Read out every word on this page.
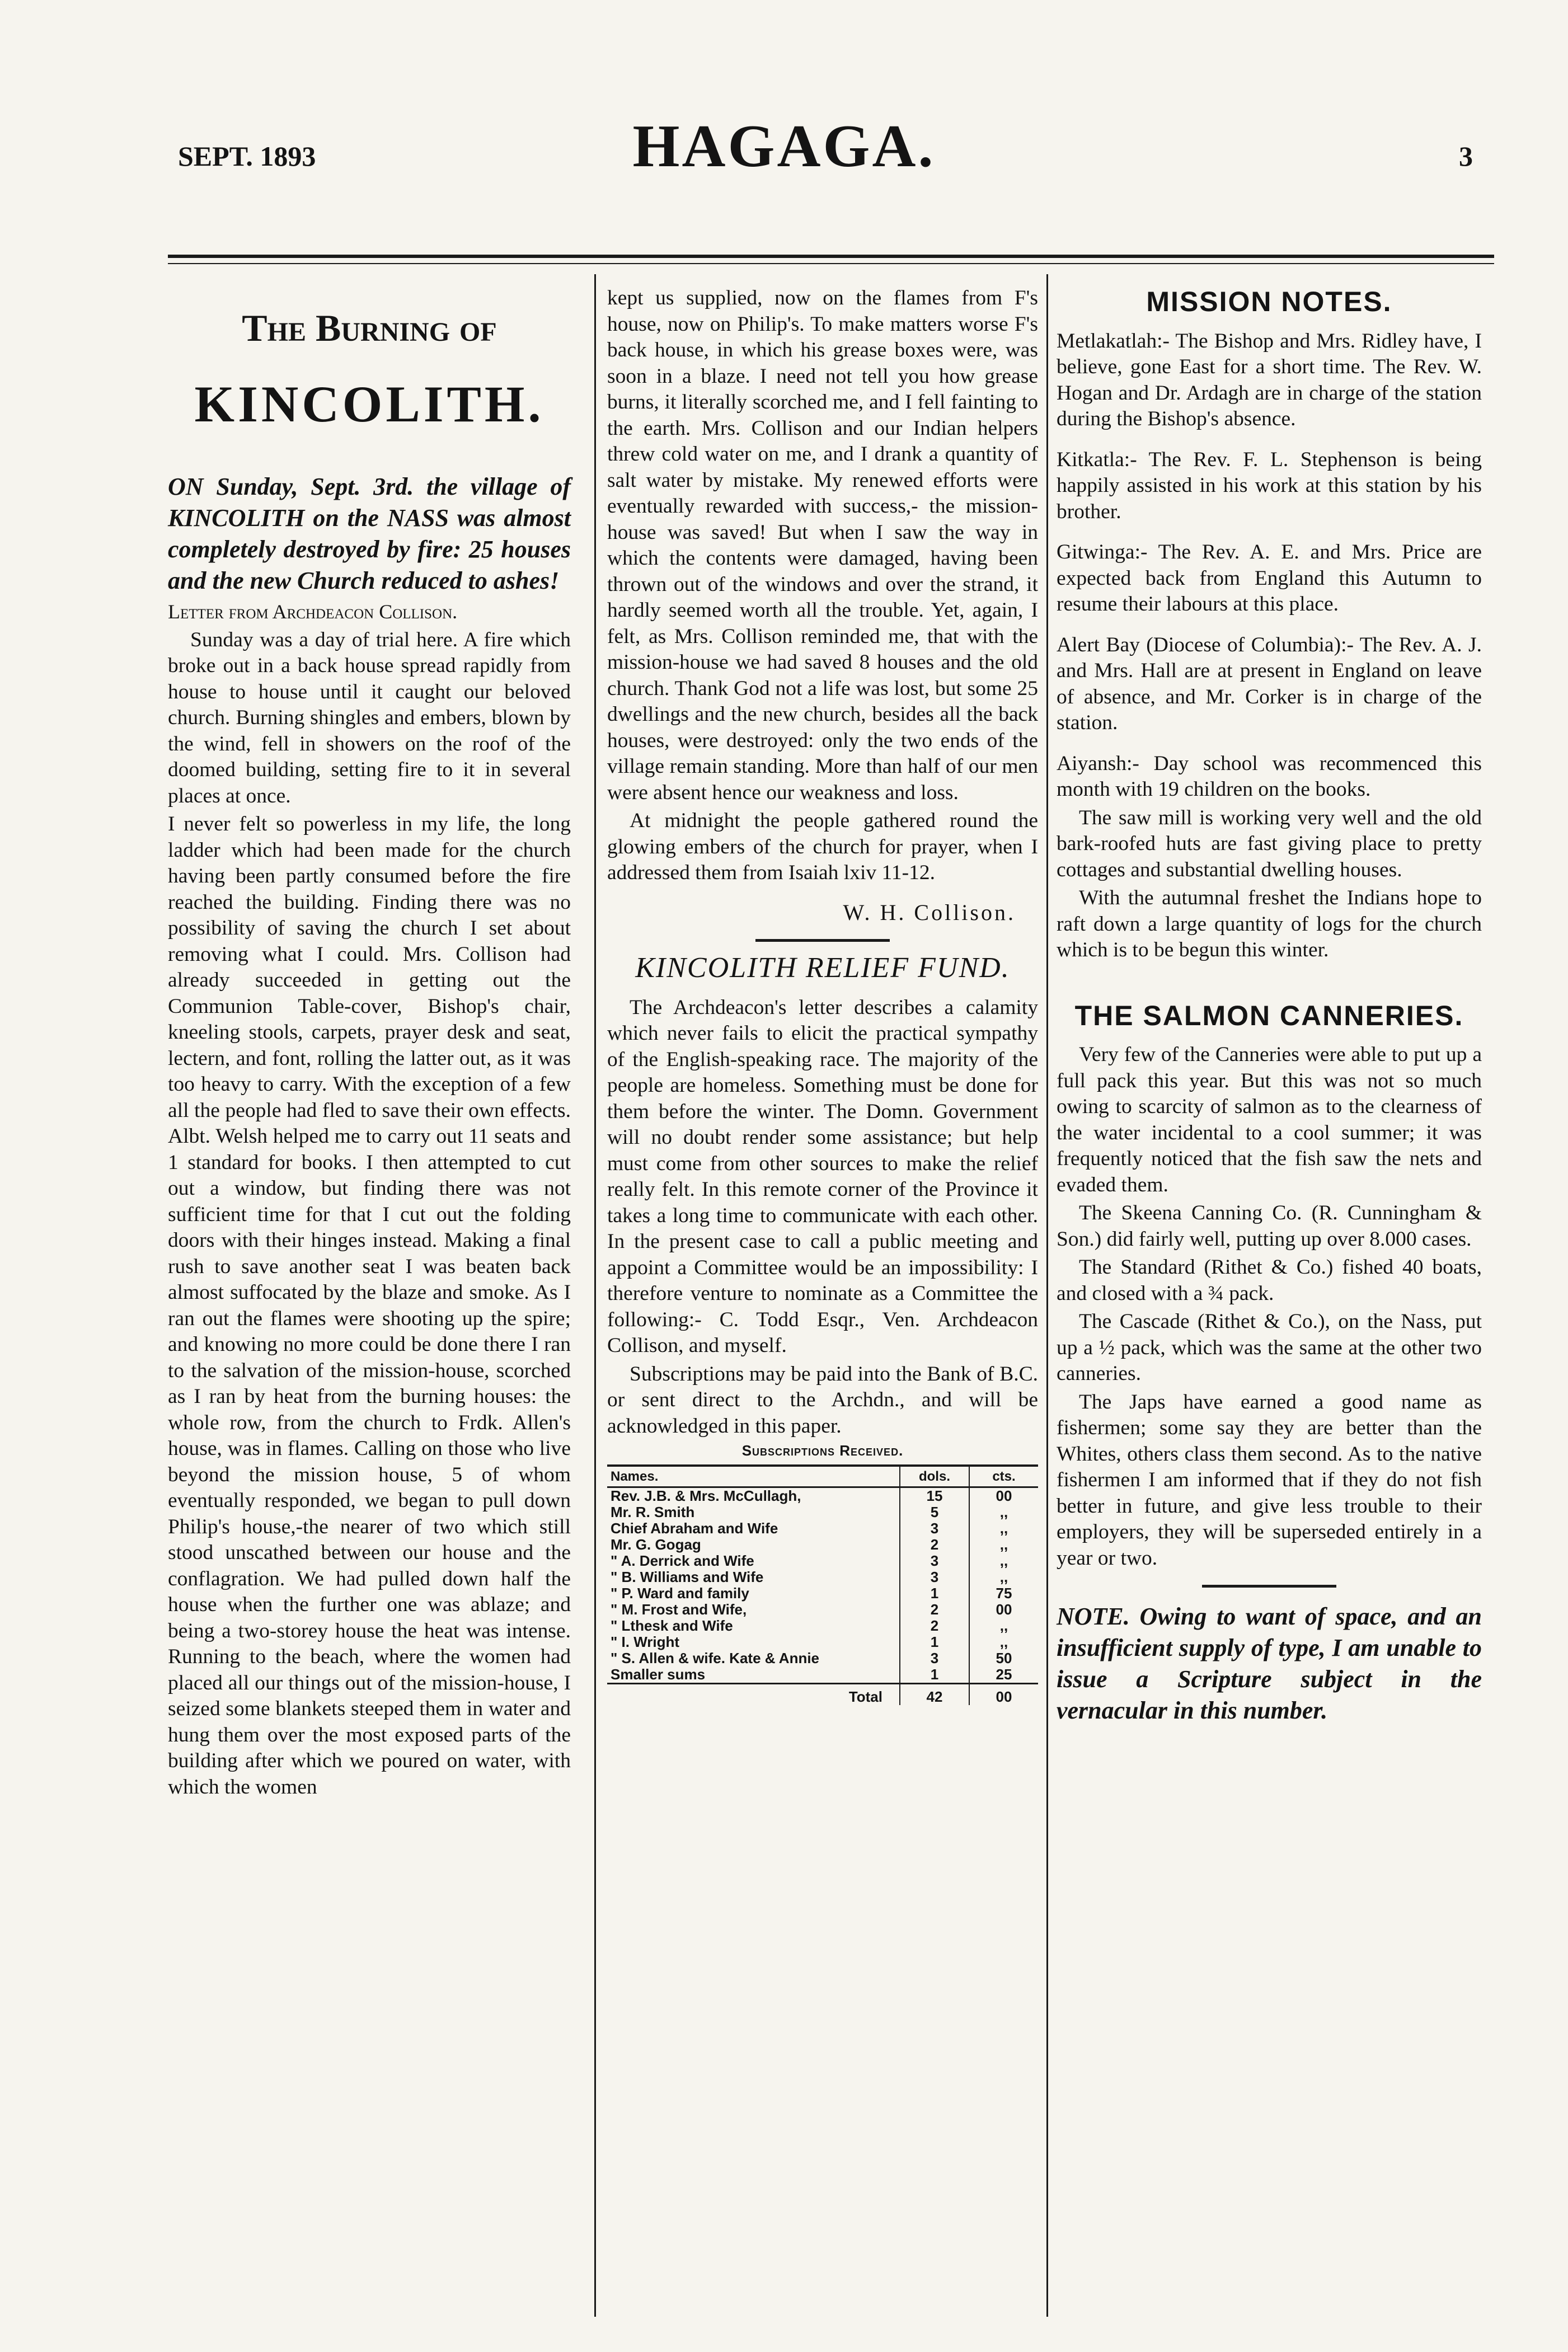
SEPT. 1893	HAGAGA.	3
The Burning of
KINCOLITH.

ON Sunday, Sept. 3rd. the village of KINCOLITH on the NASS was almost completely destroyed by fire: 25 houses and the new Church reduced to ashes!

Letter from Archdeacon Collison.

Sunday was a day of trial here. A fire which broke out in a back house spread rapidly from house to house until it caught our beloved church. Burning shingles and embers, blown by the wind, fell in showers on the roof of the doomed building, setting fire to it in several places at once.

I never felt so powerless in my life, the long ladder which had been made for the church having been partly consumed before the fire reached the building. Finding there was no possibility of saving the church I set about removing what I could. Mrs. Collison had already succeeded in getting out the Communion Table-cover, Bishop's chair, kneeling stools, carpets, prayer desk and seat, lectern, and font, rolling the latter out, as it was too heavy to carry. With the exception of a few all the people had fled to save their own effects. Albt. Welsh helped me to carry out 11 seats and 1 standard for books. I then attempted to cut out a window, but finding there was not sufficient time for that I cut out the folding doors with their hinges instead. Making a final rush to save another seat I was beaten back almost suffocated by the blaze and smoke. As I ran out the flames were shooting up the spire; and knowing no more could be done there I ran to the salvation of the mission-house, scorched as I ran by heat from the burning houses: the whole row, from the church to Frdk. Allen's house, was in flames. Calling on those who live beyond the mission house, 5 of whom eventually responded, we began to pull down Philip's house,-the nearer of two which still stood unscathed between our house and the conflagration. We had pulled down half the house when the further one was ablaze; and being a two-storey house the heat was intense. Running to the beach, where the women had placed all our things out of the mission-house, I seized some blankets steeped them in water and hung them over the most exposed parts of the building after which we poured on water, with which the women

kept us supplied, now on the flames from F's house, now on Philip's. To make matters worse F's back house, in which his grease boxes were, was soon in a blaze. I need not tell you how grease burns, it literally scorched me, and I fell fainting to the earth. Mrs. Collison and our Indian helpers threw cold water on me, and I drank a quantity of salt water by mistake. My renewed efforts were eventually rewarded with success,- the mission-house was saved! But when I saw the way in which the contents were damaged, having been thrown out of the windows and over the strand, it hardly seemed worth all the trouble. Yet, again, I felt, as Mrs. Collison reminded me, that with the mission-house we had saved 8 houses and the old church. Thank God not a life was lost, but some 25 dwellings and the new church, besides all the back houses, were destroyed: only the two ends of the village remain standing. More than half of our men were absent hence our weakness and loss.

At midnight the people gathered round the glowing embers of the church for prayer, when I addressed them from Isaiah lxiv 11-12.

W. H. Collison.
KINCOLITH RELIEF FUND.

The Archdeacon's letter describes a calamity which never fails to elicit the practical sympathy of the English-speaking race. The majority of the people are homeless. Something must be done for them before the winter. The Domn. Government will no doubt render some assistance; but help must come from other sources to make the relief really felt. In this remote corner of the Province it takes a long time to communicate with each other. In the present case to call a public meeting and appoint a Committee would be an impossibility: I therefore venture to nominate as a Committee the following:- C. Todd Esqr., Ven. Archdeacon Collison, and myself.

Subscriptions may be paid into the Bank of B.C. or sent direct to the Archdn., and will be acknowledged in this paper.

Subscriptions Received.
Names.	dols.	cts.
Rev. J.B. & Mrs. McCullagh,	15	00
Mr. R. Smith	5	,,
Chief Abraham and Wife	3	,,
Mr. G. Gogag	2	,,
" A. Derrick and Wife	3	,,
" B. Williams and Wife	3	,,
" P. Ward and family	1	75
" M. Frost and Wife,	2	00
" Lthesk and Wife	2	,,
" I. Wright	1	,,
" S. Allen & wife. Kate & Annie	3	50
Smaller sums	1	25
Total	42	00
MISSION NOTES.

Metlakatlah:- The Bishop and Mrs. Ridley have, I believe, gone East for a short time. The Rev. W. Hogan and Dr. Ardagh are in charge of the station during the Bishop's absence.

Kitkatla:- The Rev. F. L. Stephenson is being happily assisted in his work at this station by his brother.

Gitwinga:- The Rev. A. E. and Mrs. Price are expected back from England this Autumn to resume their labours at this place.

Alert Bay (Diocese of Columbia):- The Rev. A. J. and Mrs. Hall are at present in England on leave of absence, and Mr. Corker is in charge of the station.

Aiyansh:- Day school was recommenced this month with 19 children on the books.

The saw mill is working very well and the old bark-roofed huts are fast giving place to pretty cottages and substantial dwelling houses.

With the autumnal freshet the Indians hope to raft down a large quantity of logs for the church which is to be begun this winter.

THE SALMON CANNERIES.

Very few of the Canneries were able to put up a full pack this year. But this was not so much owing to scarcity of salmon as to the clearness of the water incidental to a cool summer; it was frequently noticed that the fish saw the nets and evaded them.

The Skeena Canning Co. (R. Cunningham & Son.) did fairly well, putting up over 8.000 cases.

The Standard (Rithet & Co.) fished 40 boats, and closed with a ¾ pack.

The Cascade (Rithet & Co.), on the Nass, put up a ½ pack, which was the same at the other two canneries.

The Japs have earned a good name as fishermen; some say they are better than the Whites, others class them second. As to the native fishermen I am informed that if they do not fish better in future, and give less trouble to their employers, they will be superseded entirely in a year or two.

NOTE. Owing to want of space, and an insufficient supply of type, I am unable to issue a Scripture subject in the vernacular in this number.
